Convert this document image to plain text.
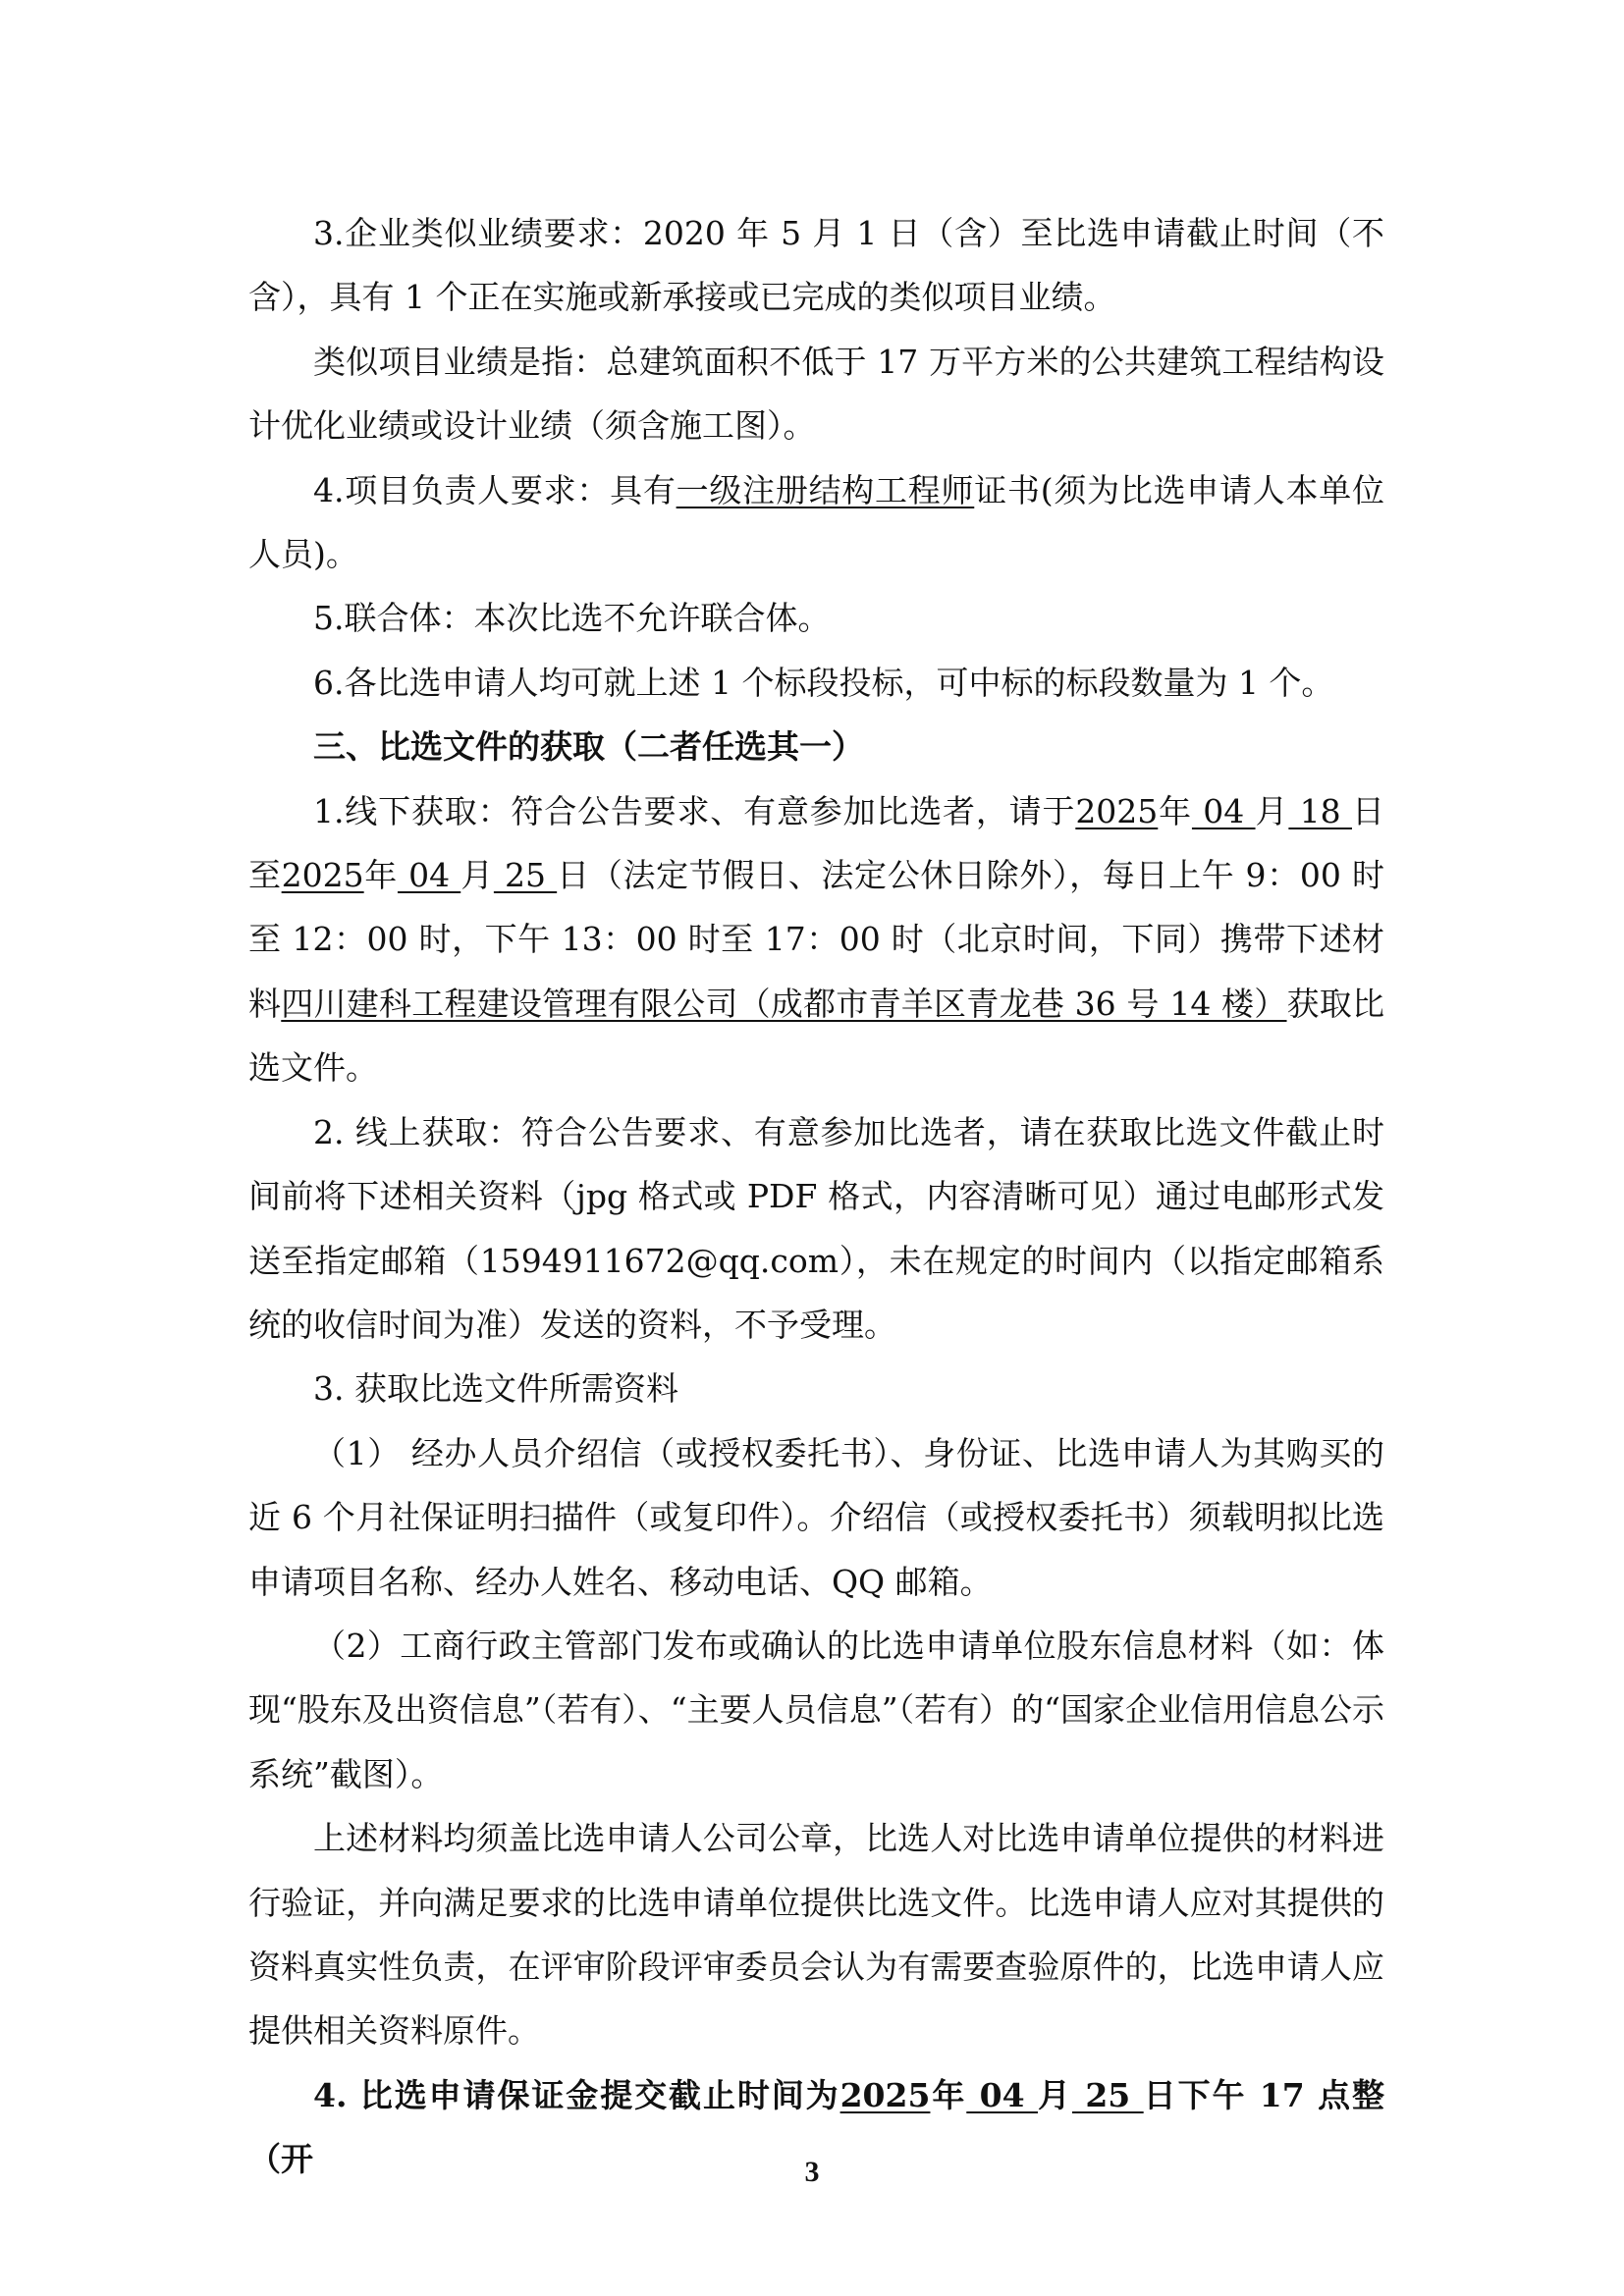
3.企业类似业绩要求：2020 年 5 月 1 日（含）至比选申请截止时间（不含），具有 1 个正在实施或新承接或已完成的类似项目业绩。

类似项目业绩是指：总建筑面积不低于 17 万平方米的公共建筑工程结构设计优化业绩或设计业绩（须含施工图）。

4.项目负责人要求：具有一级注册结构工程师证书(须为比选申请人本单位人员)。

5.联合体：本次比选不允许联合体。

6.各比选申请人均可就上述 1 个标段投标，可中标的标段数量为 1 个。

三、比选文件的获取（二者任选其一）

1.线下获取：符合公告要求、有意参加比选者，请于2025年 04 月 18 日至2025年 04 月 25 日（法定节假日、法定公休日除外），每日上午 9：00 时至 12：00 时，下午 13：00 时至 17：00 时（北京时间，下同）携带下述材料四川建科工程建设管理有限公司（成都市青羊区青龙巷 36 号 14 楼）获取比选文件。

2. 线上获取：符合公告要求、有意参加比选者，请在获取比选文件截止时间前将下述相关资料（jpg 格式或 PDF 格式，内容清晰可见）通过电邮形式发送至指定邮箱（1594911672@qq.com），未在规定的时间内（以指定邮箱系统的收信时间为准）发送的资料，不予受理。

3. 获取比选文件所需资料

（1） 经办人员介绍信（或授权委托书）、身份证、比选申请人为其购买的近 6 个月社保证明扫描件（或复印件）。介绍信（或授权委托书）须载明拟比选申请项目名称、经办人姓名、移动电话、QQ 邮箱。

（2）工商行政主管部门发布或确认的比选申请单位股东信息材料（如：体现“股东及出资信息”（若有）、“主要人员信息”（若有）的“国家企业信用信息公示系统”截图）。

上述材料均须盖比选申请人公司公章，比选人对比选申请单位提供的材料进行验证，并向满足要求的比选申请单位提供比选文件。比选申请人应对其提供的资料真实性负责，在评审阶段评审委员会认为有需要查验原件的，比选申请人应提供相关资料原件。

4. 比选申请保证金提交截止时间为2025年 04 月 25 日下午 17 点整（开	3
